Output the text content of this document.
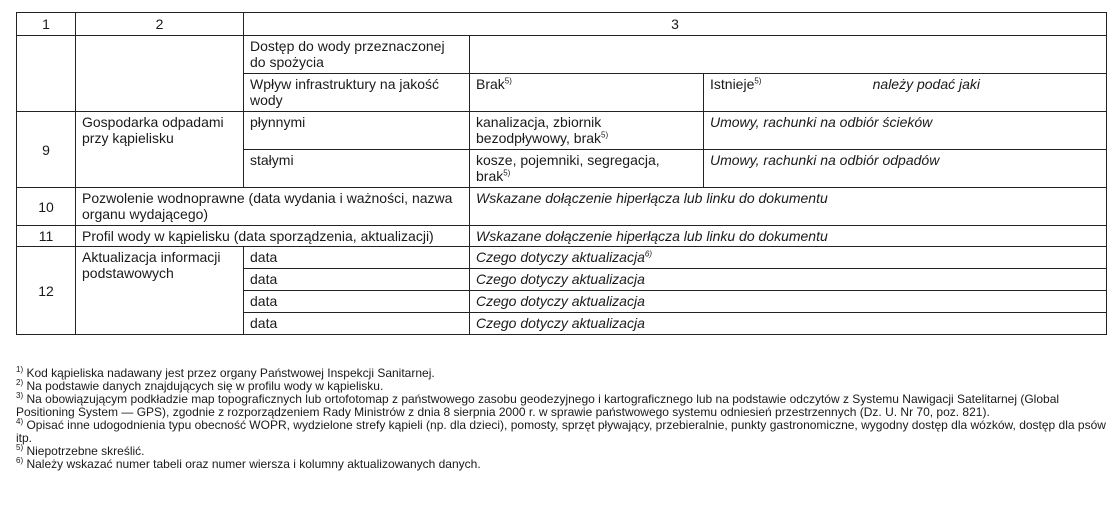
1	2	3		
		Dostęp do wody przeznaczonej do spożycia		
		Wpływ infrastruktury na jakość wody	Brak$^{5)}$	Istnieje$^{5)}$ należy podać jaki

9	Gospodarka odpadami przy kąpielisku	płynnymi	kanalizacja, zbiornik bezodpływowy, brak$^{5)}$	Umowy, rachunki na odbiór ścieków
		stałymi	kosze, pojemniki, segregacja, brak$^{5)}$	Umowy, rachunki na odbiór odpadów
10	Pozwolenie wodnoprawne (data wydania i ważności, nazwa organu wydającego)		Wskazane dołączenie hiperłącza lub linku do dokumentu	
11	Profil wody w kąpielisku (data sporządzenia, aktualizacji)		Wskazane dołączenie hiperłącza lub linku do dokumentu	
12	Aktualizacja informacji podstawowych	data	Czego dotyczy aktualizacja$^{6)}$
		data	Czego dotyczy aktualizacja	
		data	Czego dotyczy aktualizacja	
		data	Czego dotyczy aktualizacja	

$^{1)}$ Kod kąpieliska nadawany jest przez organy Państwowej Inspekcji Sanitarnej.

$^{2)}$ Na podstawie danych znajdujących się w profilu wody w kąpielisku.

$^{3)}$ Na obowiązującym podkładzie map topograficznych lub ortofotomap z państwowego zasobu geodezyjnego i kartograficznego lub na podstawie odczytów z Systemu Nawigacji Satelitarnej (Global Positioning System — GPS), zgodnie z rozporządzeniem Rady Ministrów z dnia 8 sierpnia 2000 r. w sprawie państwowego systemu odniesień przestrzennych (Dz. U. Nr 70, poz. 821).

$^{4)}$ Opisać inne udogodnienia typu obecność WOPR, wydzielone strefy kąpieli (np. dla dzieci), pomosty, sprzęt pływający, przebieralnie, punkty gastronomiczne, wygodny dostęp dla wózków, dostęp dla psów itp.

$^{5)}$ Niepotrzebne skreślić.

$^{6)}$ Należy wskazać numer tabeli oraz numer wiersza i kolumny aktualizowanych danych.
